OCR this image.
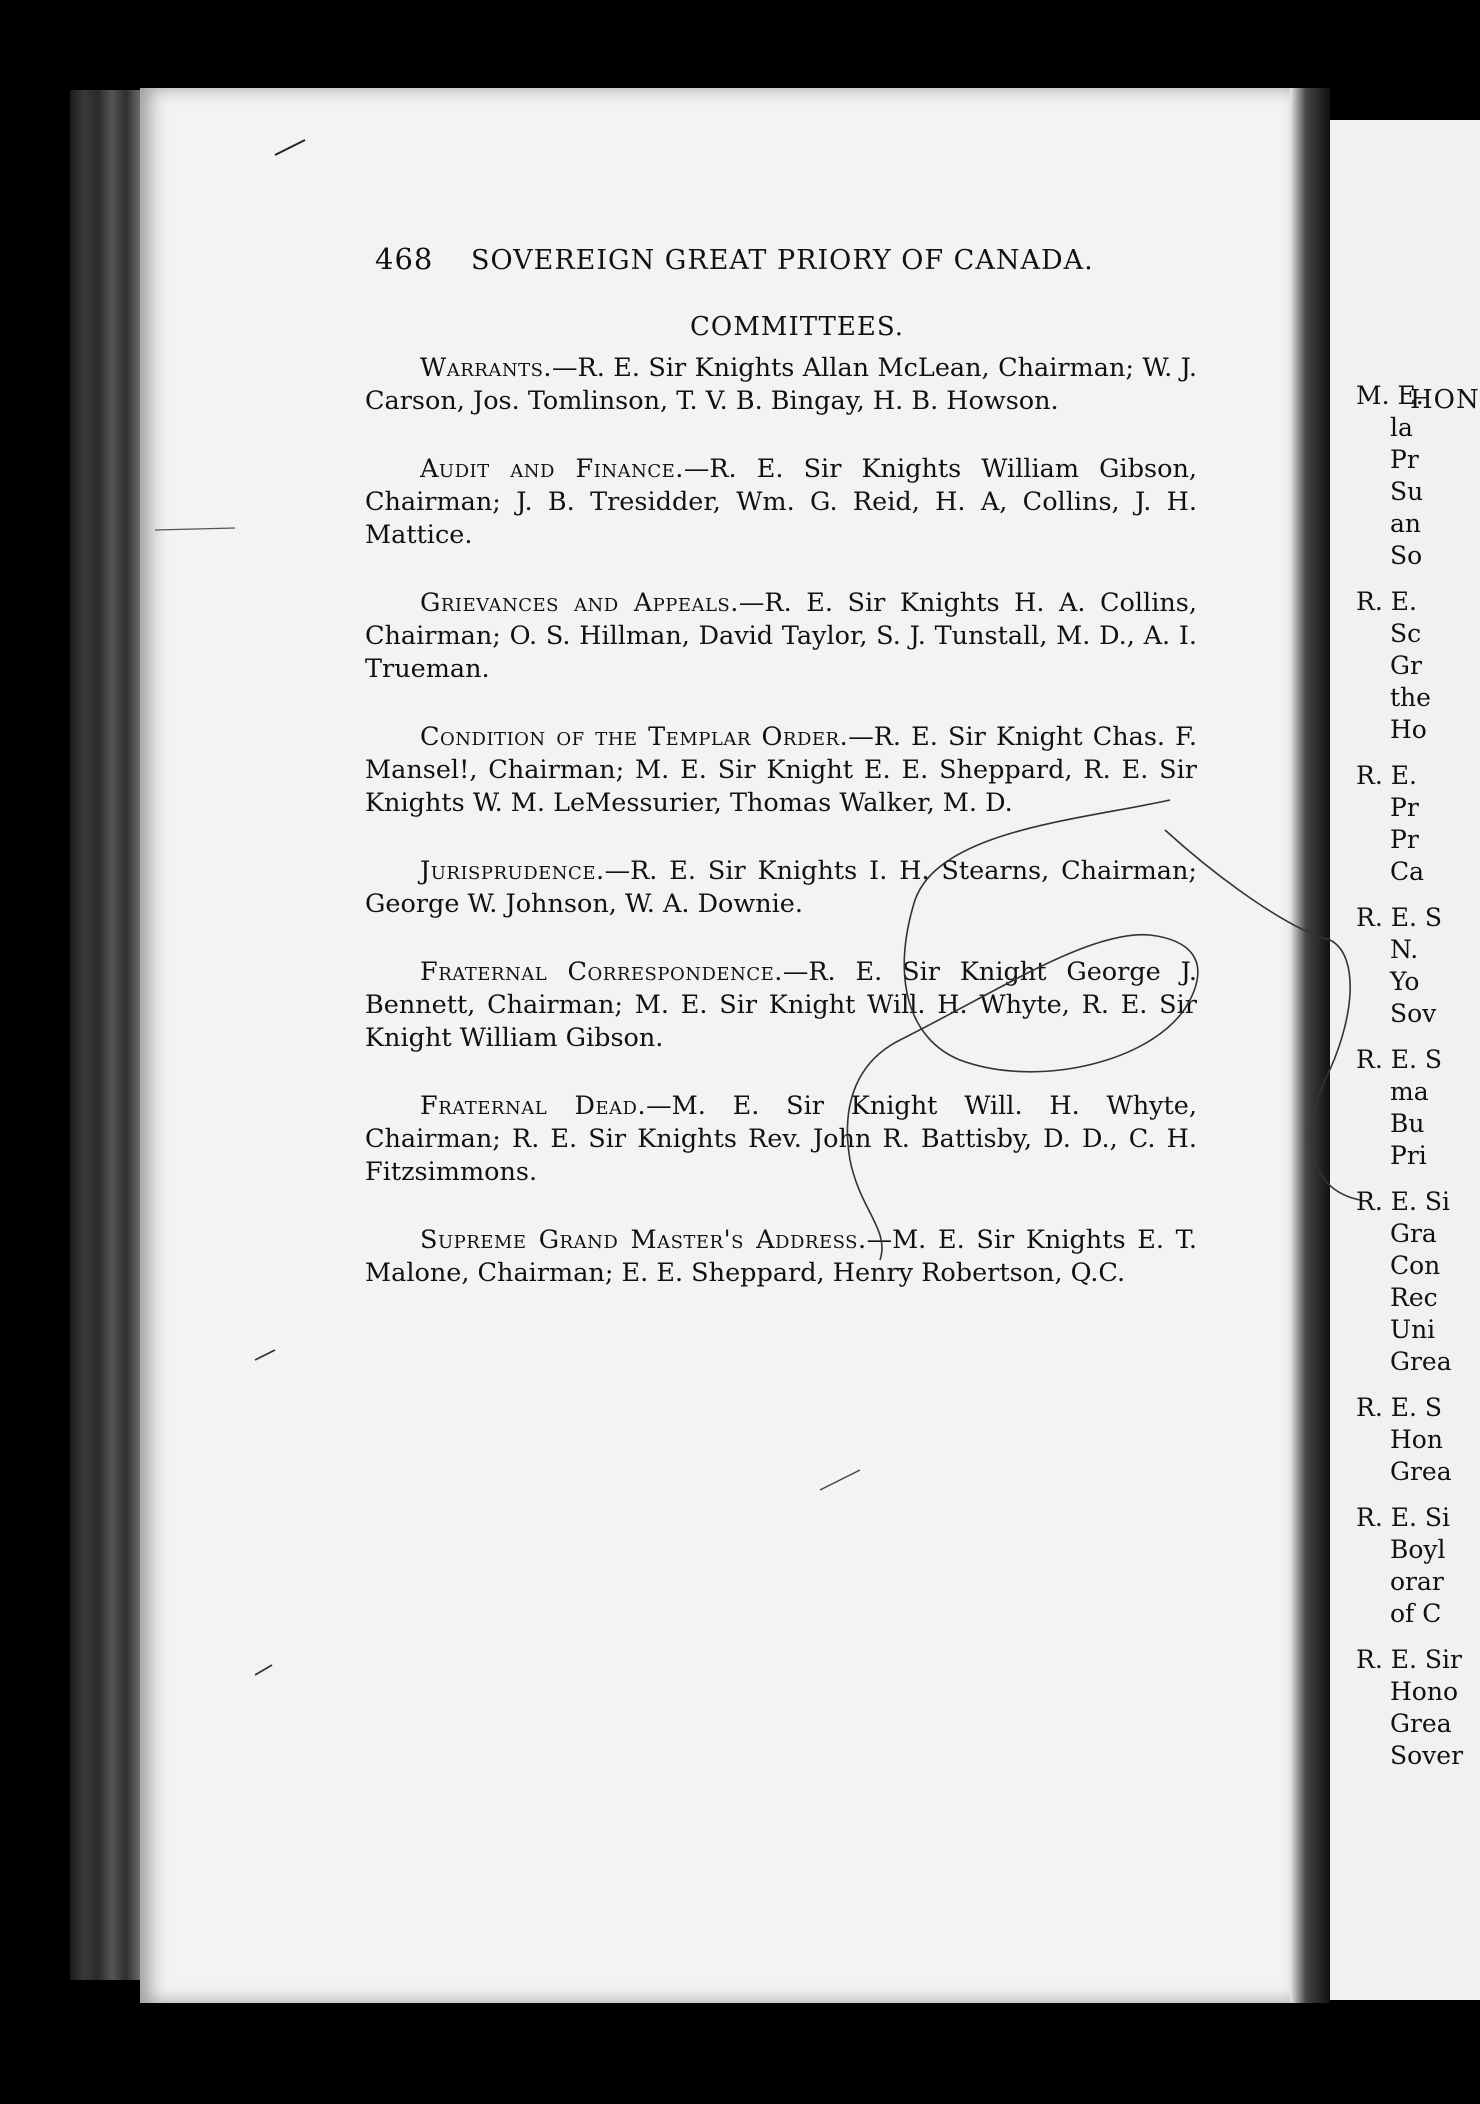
468 SOVEREIGN GREAT PRIORY OF CANADA.
COMMITTEES.

Warrants.—R. E. Sir Knights Allan McLean, Chairman; W. J. Carson, Jos. Tomlinson, T. V. B. Bingay, H. B. Howson.

Audit and Finance.—R. E. Sir Knights William Gibson, Chairman; J. B. Tresidder, Wm. G. Reid, H. A, Collins, J. H. Mattice.

Grievances and Appeals.—R. E. Sir Knights H. A. Collins, Chairman; O. S. Hillman, David Taylor, S. J. Tunstall, M. D., A. I. Trueman.

Condition of the Templar Order.—R. E. Sir Knight Chas. F. Mansel!, Chairman; M. E. Sir Knight E. E. Sheppard, R. E. Sir Knights W. M. LeMessurier, Thomas Walker, M. D.

Jurisprudence.—R. E. Sir Knights I. H. Stearns, Chairman; George W. Johnson, W. A. Downie.

Fraternal Correspondence.—R. E. Sir Knight George J. Bennett, Chairman; M. E. Sir Knight Will. H. Whyte, R. E. Sir Knight William Gibson.

Fraternal Dead.—M. E. Sir Knight Will. H. Whyte, Chairman; R. E. Sir Knights Rev. John R. Battisby, D. D., C. H. Fitzsimmons.

Supreme Grand Master's Address.—M. E. Sir Knights E. T. Malone, Chairman; E. E. Sheppard, Henry Robertson, Q.C.

HON
M. E.
la
Pr
Su
an
So
R. E.
Sc
Gr
the
Ho
R. E.
Pr
Pr
Ca
R. E. S
N.
Yo
Sov
R. E. S
ma
Bu
Pri
R. E. Si
Gra
Con
Rec
Uni
Grea
R. E. S
Hon
Grea
R. E. Si
Boyl
orar
of C
R. E. Sir
Hono
Grea
Sover
